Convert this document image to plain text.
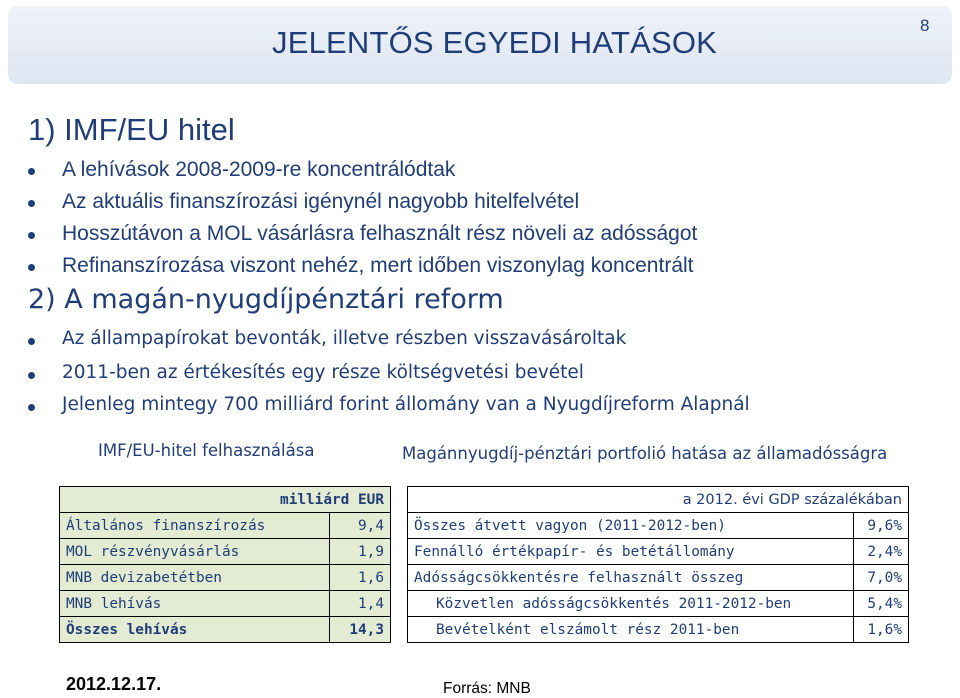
JELENTŐS EGYEDI HATÁSOK	8
1) IMF/EU hitel
A lehívások 2008-2009-re koncentrálódtak
Az aktuális finanszírozási igénynél nagyobb hitelfelvétel
Hosszútávon a MOL vásárlásra felhasznált rész növeli az adósságot
Refinanszírozása viszont nehéz, mert időben viszonylag koncentrált
2) A magán-nyugdíjpénztári reform
Az állampapírokat bevonták, illetve részben visszavásároltak
2011-ben az értékesítés egy része költségvetési bevétel
Jelenleg mintegy 700 milliárd forint állomány van a Nyugdíjreform Alapnál
IMF/EU-hitel felhasználása	Magánnyugdíj-pénztári portfolió hatása az államadósságra
milliárd EUR	
Általános finanszírozás	9,4
MOL részvényvásárlás	1,9
MNB devizabetétben	1,6
MNB lehívás	1,4
Összes lehívás	14,3
a 2012. évi GDP százalékában	
Összes átvett vagyon (2011-2012-ben)	9,6%
Fennálló értékpapír- és betétállomány	2,4%
Adósságcsökkentésre felhasznált összeg	7,0%
Közvetlen adósságcsökkentés 2011-2012-ben	5,4%
Bevételként elszámolt rész 2011-ben	1,6%
2012.12.17.	Forrás: MNB
